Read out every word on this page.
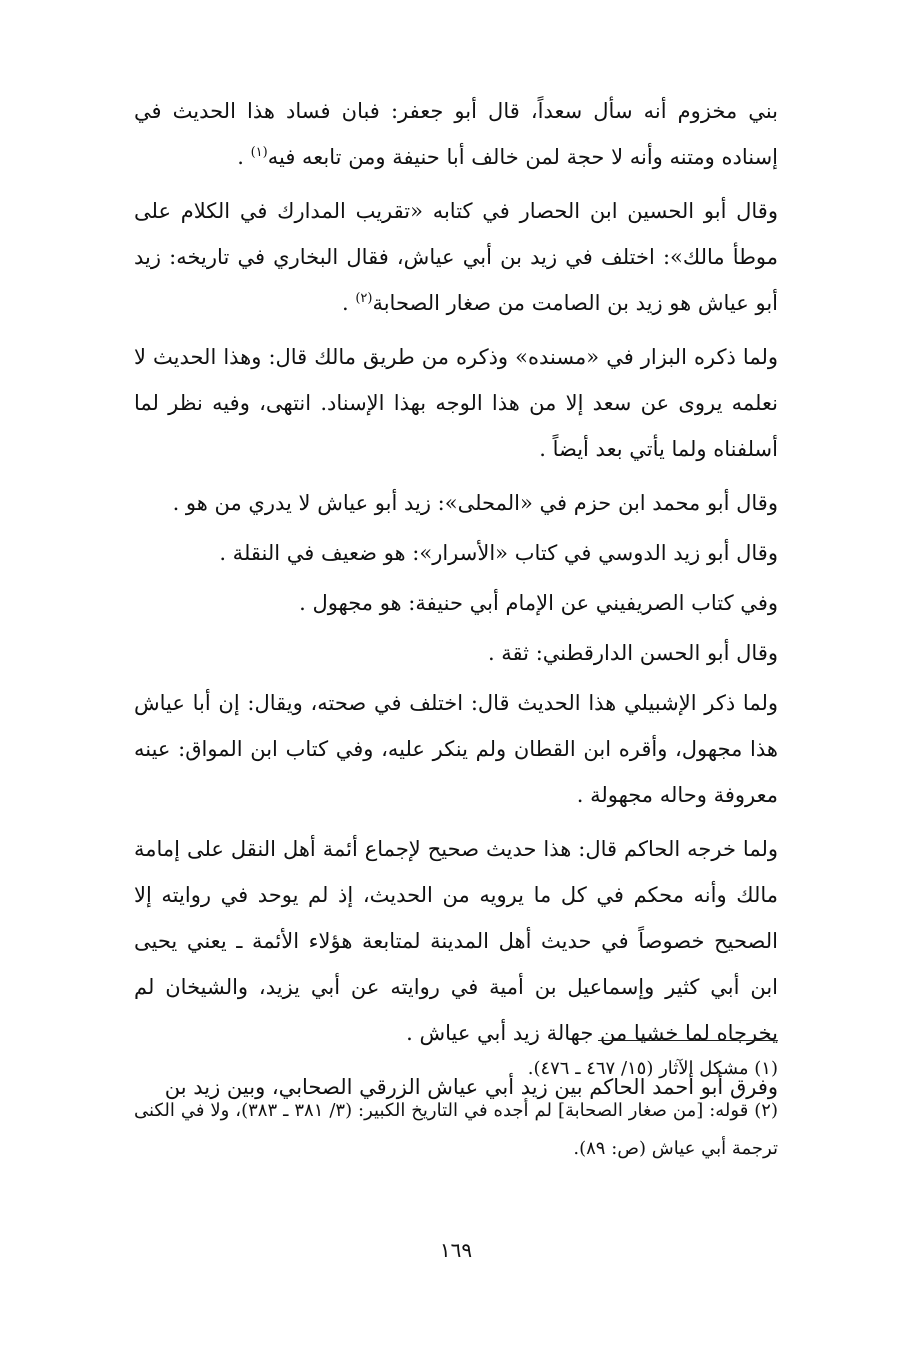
بني مخزوم أنه سأل سعداً، قال أبو جعفر: فبان فساد هذا الحديث في إسناده ومتنه وأنه لا حجة لمن خالف أبا حنيفة ومن تابعه فيه$^{(١)}$ .

وقال أبو الحسين ابن الحصار في كتابه «تقريب المدارك في الكلام على موطأ مالك»: اختلف في زيد بن أبي عياش، فقال البخاري في تاريخه: زيد أبو عياش هو زيد بن الصامت من صغار الصحابة$^{(٢)}$ .

ولما ذكره البزار في «مسنده» وذكره من طريق مالك قال: وهذا الحديث لا نعلمه يروى عن سعد إلا من هذا الوجه بهذا الإسناد. انتهى، وفيه نظر لما أسلفناه ولما يأتي بعد أيضاً .

وقال أبو محمد ابن حزم في «المحلى»: زيد أبو عياش لا يدري من هو .

وقال أبو زيد الدوسي في كتاب «الأسرار»: هو ضعيف في النقلة .

وفي كتاب الصريفيني عن الإمام أبي حنيفة: هو مجهول .

وقال أبو الحسن الدارقطني: ثقة .

ولما ذكر الإشبيلي هذا الحديث قال: اختلف في صحته، ويقال: إن أبا عياش هذا مجهول، وأقره ابن القطان ولم ينكر عليه، وفي كتاب ابن المواق: عينه معروفة وحاله مجهولة .

ولما خرجه الحاكم قال: هذا حديث صحيح لإجماع أئمة أهل النقل على إمامة مالك وأنه محكم في كل ما يرويه من الحديث، إذ لم يوحد في روايته إلا الصحيح خصوصاً في حديث أهل المدينة لمتابعة هؤلاء الأئمة ـ يعني يحيى ابن أبي كثير وإسماعيل بن أمية في روايته عن أبي يزيد، والشيخان لم يخرجاه لما خشيا من جهالة زيد أبي عياش .

وفرق أبو أحمد الحاكم بين زيد أبي عياش الزرقي الصحابي، وبين زيد بن

(١) مشكل الآثار (١٥/ ٤٦٧ ـ ٤٧٦).

(٢) قوله: [من صغار الصحابة] لم أجده في التاريخ الكبير: (٣/ ٣٨١ ـ ٣٨٣)، ولا في الكنى ترجمة أبي عياش (ص: ٨٩).

١٦٩
